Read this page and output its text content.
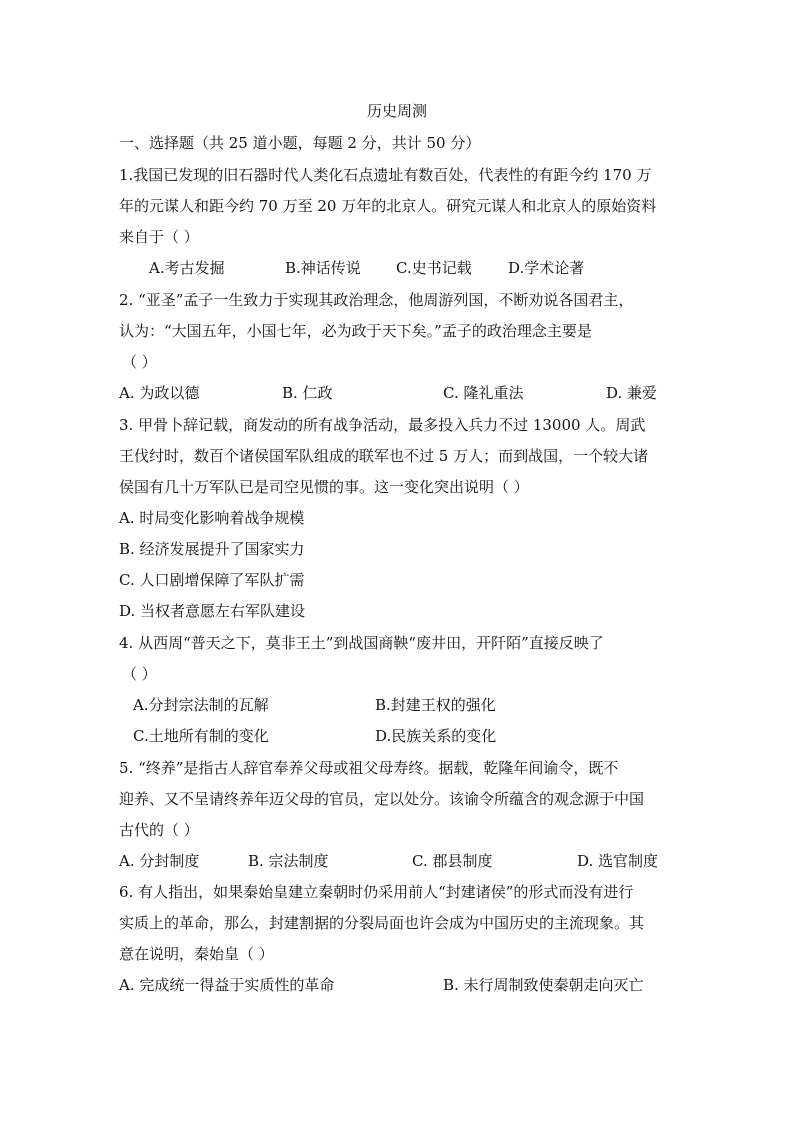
历史周测
一、选择题（共 25 道小题，每题 2 分，共计 50 分）
1.我国已发现的旧石器时代人类化石点遗址有数百处，代表性的有距今约 170 万
年的元谋人和距今约 70 万至 20 万年的北京人。研究元谋人和北京人的原始资料
来自于（ ）
A.考古发掘	B.神话传说 C.史书记载 D.学术论著
2. “亚圣”孟子一生致力于实现其政治理念，他周游列国，不断劝说各国君主，
认为：“大国五年，小国七年，必为政于天下矣。”孟子的政治理念主要是
（ ）
A. 为政以德	B. 仁政	C. 隆礼重法	D. 兼爱
3. 甲骨卜辞记载，商发动的所有战争活动，最多投入兵力不过 13000 人。周武
王伐纣时，数百个诸侯国军队组成的联军也不过 5 万人；而到战国，一个较大诸
侯国有几十万军队已是司空见惯的事。这一变化突出说明（ ）
A. 时局变化影响着战争规模
B. 经济发展提升了国家实力
C. 人口剧增保障了军队扩需
D. 当权者意愿左右军队建设
4. 从西周“普天之下，莫非王土”到战国商鞅“废井田，开阡陌”直接反映了
（ ）
A.分封宗法制的瓦解	B.封建王权的强化
C.土地所有制的变化	D.民族关系的变化
5. “终养”是指古人辞官奉养父母或祖父母寿终。据载，乾隆年间谕令，既不
迎养、又不呈请终养年迈父母的官员，定以处分。该谕令所蕴含的观念源于中国
古代的（ ）
A. 分封制度	B. 宗法制度	C. 郡县制度	D. 选官制度
6. 有人指出，如果秦始皇建立秦朝时仍采用前人“封建诸侯”的形式而没有进行
实质上的革命，那么，封建割据的分裂局面也许会成为中国历史的主流现象。其
意在说明，秦始皇（ ）
A. 完成统一得益于实质性的革命	B. 未行周制致使秦朝走向灭亡
